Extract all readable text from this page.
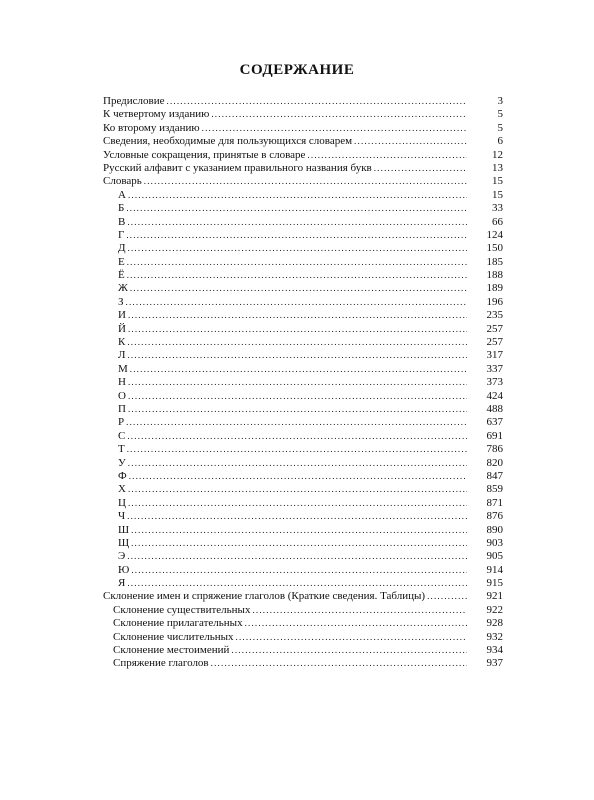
СОДЕРЖАНИЕ
Предисловие .....	3
К четвертому изданию .....	5
Ко второму изданию .....	5
Сведения, необходимые для пользующихся словарем .....	6
Условные сокращения, принятые в словаре .....	12
Русский алфавит с указанием правильного названия букв .....	13
Словарь .....	15
А .....	15
Б .....	33
В .....	66
Г .....	124
Д .....	150
Е .....	185
Ё .....	188
Ж .....	189
З .....	196
И .....	235
Й .....	257
К .....	257
Л .....	317
М .....	337
Н .....	373
О .....	424
П .....	488
Р .....	637
С .....	691
Т .....	786
У .....	820
Ф .....	847
Х .....	859
Ц .....	871
Ч .....	876
Ш .....	890
Щ .....	903
Э .....	905
Ю .....	914
Я .....	915
Склонение имен и спряжение глаголов (Краткие сведения. Таблицы) .....	921
Склонение существительных .....	922
Склонение прилагательных .....	928
Склонение числительных .....	932
Склонение местоимений .....	934
Спряжение глаголов .....	937
